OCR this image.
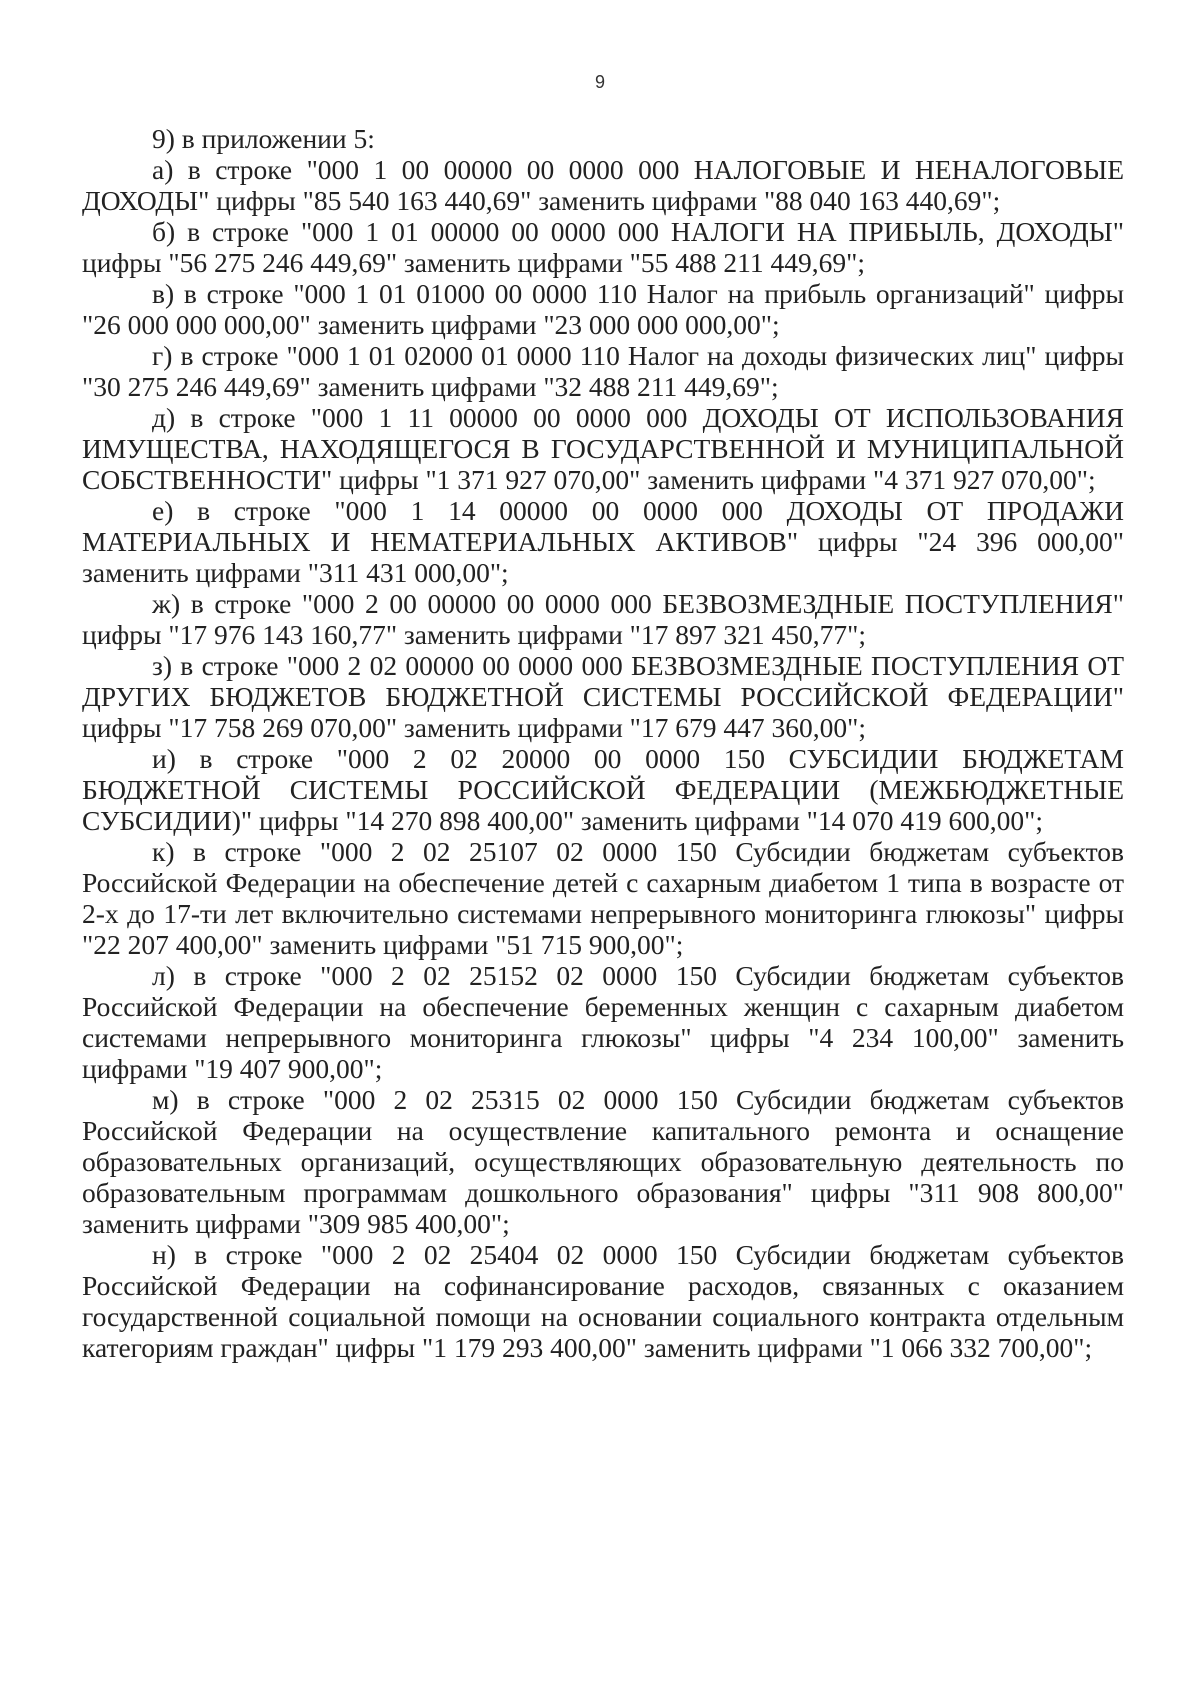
9

9) в приложении 5:

а) в строке "000 1 00 00000 00 0000 000 НАЛОГОВЫЕ И НЕНАЛОГОВЫЕ ДОХОДЫ" цифры "85 540 163 440,69" заменить цифрами "88 040 163 440,69";

б) в строке "000 1 01 00000 00 0000 000 НАЛОГИ НА ПРИБЫЛЬ, ДОХОДЫ" цифры "56 275 246 449,69" заменить цифрами "55 488 211 449,69";

в) в строке "000 1 01 01000 00 0000 110 Налог на прибыль организаций" цифры "26 000 000 000,00" заменить цифрами "23 000 000 000,00";

г) в строке "000 1 01 02000 01 0000 110 Налог на доходы физических лиц" цифры "30 275 246 449,69" заменить цифрами "32 488 211 449,69";

д) в строке "000 1 11 00000 00 0000 000 ДОХОДЫ ОТ ИСПОЛЬЗОВАНИЯ ИМУЩЕСТВА, НАХОДЯЩЕГОСЯ В ГОСУДАРСТВЕННОЙ И МУНИЦИПАЛЬНОЙ СОБСТВЕННОСТИ" цифры "1 371 927 070,00" заменить цифрами "4 371 927 070,00";

е) в строке "000 1 14 00000 00 0000 000 ДОХОДЫ ОТ ПРОДАЖИ МАТЕРИАЛЬНЫХ И НЕМАТЕРИАЛЬНЫХ АКТИВОВ" цифры "24 396 000,00" заменить цифрами "311 431 000,00";

ж) в строке "000 2 00 00000 00 0000 000 БЕЗВОЗМЕЗДНЫЕ ПОСТУПЛЕНИЯ" цифры "17 976 143 160,77" заменить цифрами "17 897 321 450,77";

з) в строке "000 2 02 00000 00 0000 000 БЕЗВОЗМЕЗДНЫЕ ПОСТУПЛЕНИЯ ОТ ДРУГИХ БЮДЖЕТОВ БЮДЖЕТНОЙ СИСТЕМЫ РОССИЙСКОЙ ФЕДЕРАЦИИ" цифры "17 758 269 070,00" заменить цифрами "17 679 447 360,00";

и) в строке "000 2 02 20000 00 0000 150 СУБСИДИИ БЮДЖЕТАМ БЮДЖЕТНОЙ СИСТЕМЫ РОССИЙСКОЙ ФЕДЕРАЦИИ (МЕЖБЮДЖЕТНЫЕ СУБСИДИИ)" цифры "14 270 898 400,00" заменить цифрами "14 070 419 600,00";

к) в строке "000 2 02 25107 02 0000 150 Субсидии бюджетам субъектов Российской Федерации на обеспечение детей с сахарным диабетом 1 типа в возрасте от 2-х до 17-ти лет включительно системами непрерывного мониторинга глюкозы" цифры "22 207 400,00" заменить цифрами "51 715 900,00";

л) в строке "000 2 02 25152 02 0000 150 Субсидии бюджетам субъектов Российской Федерации на обеспечение беременных женщин с сахарным диабетом системами непрерывного мониторинга глюкозы" цифры "4 234 100,00" заменить цифрами "19 407 900,00";

м) в строке "000 2 02 25315 02 0000 150 Субсидии бюджетам субъектов Российской Федерации на осуществление капитального ремонта и оснащение образовательных организаций, осуществляющих образовательную деятельность по образовательным программам дошкольного образования" цифры "311 908 800,00" заменить цифрами "309 985 400,00";

н) в строке "000 2 02 25404 02 0000 150 Субсидии бюджетам субъектов Российской Федерации на софинансирование расходов, связанных с оказанием государственной социальной помощи на основании социального контракта отдельным категориям граждан" цифры "1 179 293 400,00" заменить цифрами "1 066 332 700,00";
